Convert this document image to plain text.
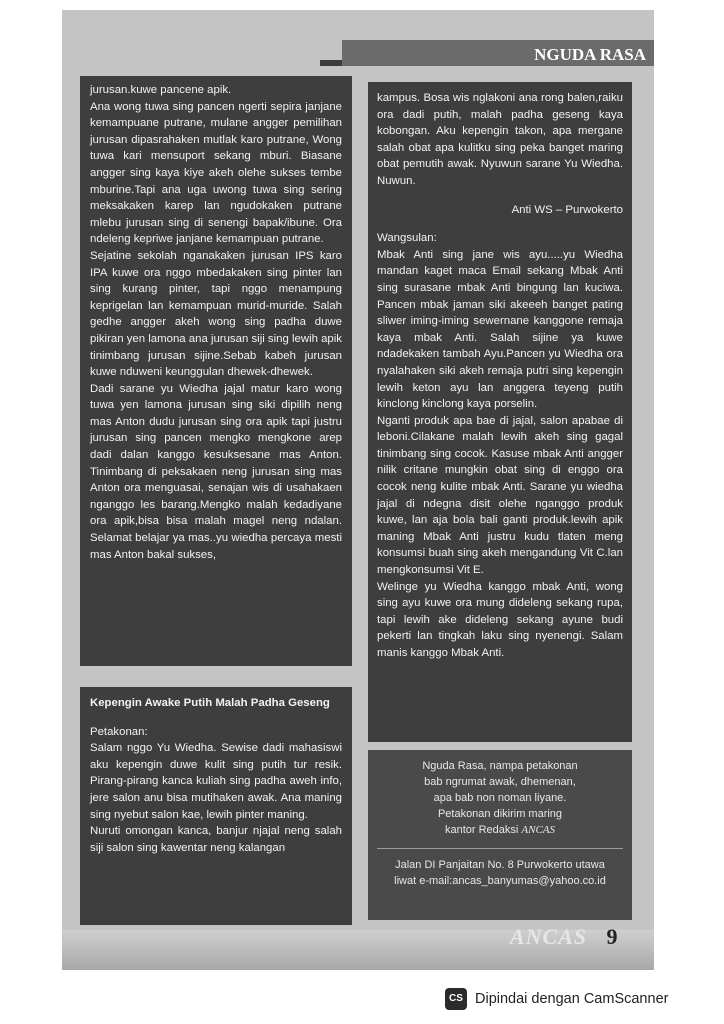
NGUDA RASA

jurusan.kuwe pancene apik.

Ana wong tuwa sing pancen ngerti sepira janjane kemampuane putrane, mulane angger pemilihan jurusan dipasrahaken mutlak karo putrane, Wong tuwa kari mensuport sekang mburi. Biasane angger sing kaya kiye akeh olehe sukses tembe mburine.Tapi ana uga uwong tuwa sing sering meksakaken karep lan ngudokaken putrane mlebu jurusan sing di senengi bapak/ibune. Ora ndeleng kepriwe janjane kemampuan putrane.

Sejatine sekolah nganakaken jurusan IPS karo IPA kuwe ora nggo mbedakaken sing pinter lan sing kurang pinter, tapi nggo menampung keprigelan lan kemampuan murid-muride. Salah gedhe angger akeh wong sing padha duwe pikiran yen lamona ana jurusan siji sing lewih apik tinimbang jurusan sijine.Sebab kabeh jurusan kuwe nduweni keunggulan dhewek-dhewek.

Dadi sarane yu Wiedha jajal matur karo wong tuwa yen lamona jurusan sing siki dipilih neng mas Anton dudu jurusan sing ora apik tapi justru jurusan sing pancen mengko mengkone arep dadi dalan kanggo kesuksesane mas Anton. Tinimbang di peksakaen neng jurusan sing mas Anton ora menguasai, senajan wis di usahakaen nganggo les barang.Mengko malah kedadiyane ora apik,bisa bisa malah magel neng ndalan. Selamat belajar ya mas..yu wiedha percaya mesti mas Anton bakal sukses,

Kepengin Awake Putih Malah Padha Geseng

Petakonan:

Salam nggo Yu Wiedha. Sewise dadi mahasiswi aku kepengin duwe kulit sing putih tur resik. Pirang-pirang kanca kuliah sing padha aweh info, jere salon anu bisa mutihaken awak. Ana maning sing nyebut salon kae, lewih pinter maning.

Nuruti omongan kanca, banjur njajal neng salah siji salon sing kawentar neng kalangan

kampus. Bosa wis nglakoni ana rong balen,raiku ora dadi putih, malah padha geseng kaya kobongan. Aku kepengin takon, apa mergane salah obat apa kulitku sing peka banget maring obat pemutih awak. Nyuwun sarane Yu Wiedha. Nuwun.

Anti WS – Purwokerto

Wangsulan:

Mbak Anti sing jane wis ayu.....yu Wiedha mandan kaget maca Email sekang Mbak Anti sing surasane mbak Anti bingung lan kuciwa. Pancen mbak jaman siki akeeeh banget pating sliwer iming-iming sewernane kanggone remaja kaya mbak Anti. Salah sijine ya kuwe ndadekaken tambah Ayu.Pancen yu Wiedha ora nyalahaken siki akeh remaja putri sing kepengin lewih keton ayu lan anggera teyeng putih kinclong kinclong kaya porselin.

Nganti produk apa bae di jajal, salon apabae di leboni.Cilakane malah lewih akeh sing gagal tinimbang sing cocok. Kasuse mbak Anti angger nilik critane mungkin obat sing di enggo ora cocok neng kulite mbak Anti. Sarane yu wiedha jajal di ndegna disit olehe nganggo produk kuwe, lan aja bola bali ganti produk.lewih apik maning Mbak Anti justru kudu tlaten meng konsumsi buah sing akeh mengandung Vit C.lan mengkonsumsi Vit E.

Welinge yu Wiedha kanggo mbak Anti, wong sing ayu kuwe ora mung dideleng sekang rupa, tapi lewih ake dideleng sekang ayune budi pekerti lan tingkah laku sing nyenengi. Salam manis kanggo Mbak Anti.

Nguda Rasa, nampa petakonan

bab ngrumat awak, dhemenan,

apa bab non noman liyane.

Petakonan dikirim maring

kantor Redaksi ANCAS

Jalan DI Panjaitan No. 8 Purwokerto utawa

liwat e-mail:ancas_banyumas@yahoo.co.id

ANCAS 9
CS Dipindai dengan CamScanner
